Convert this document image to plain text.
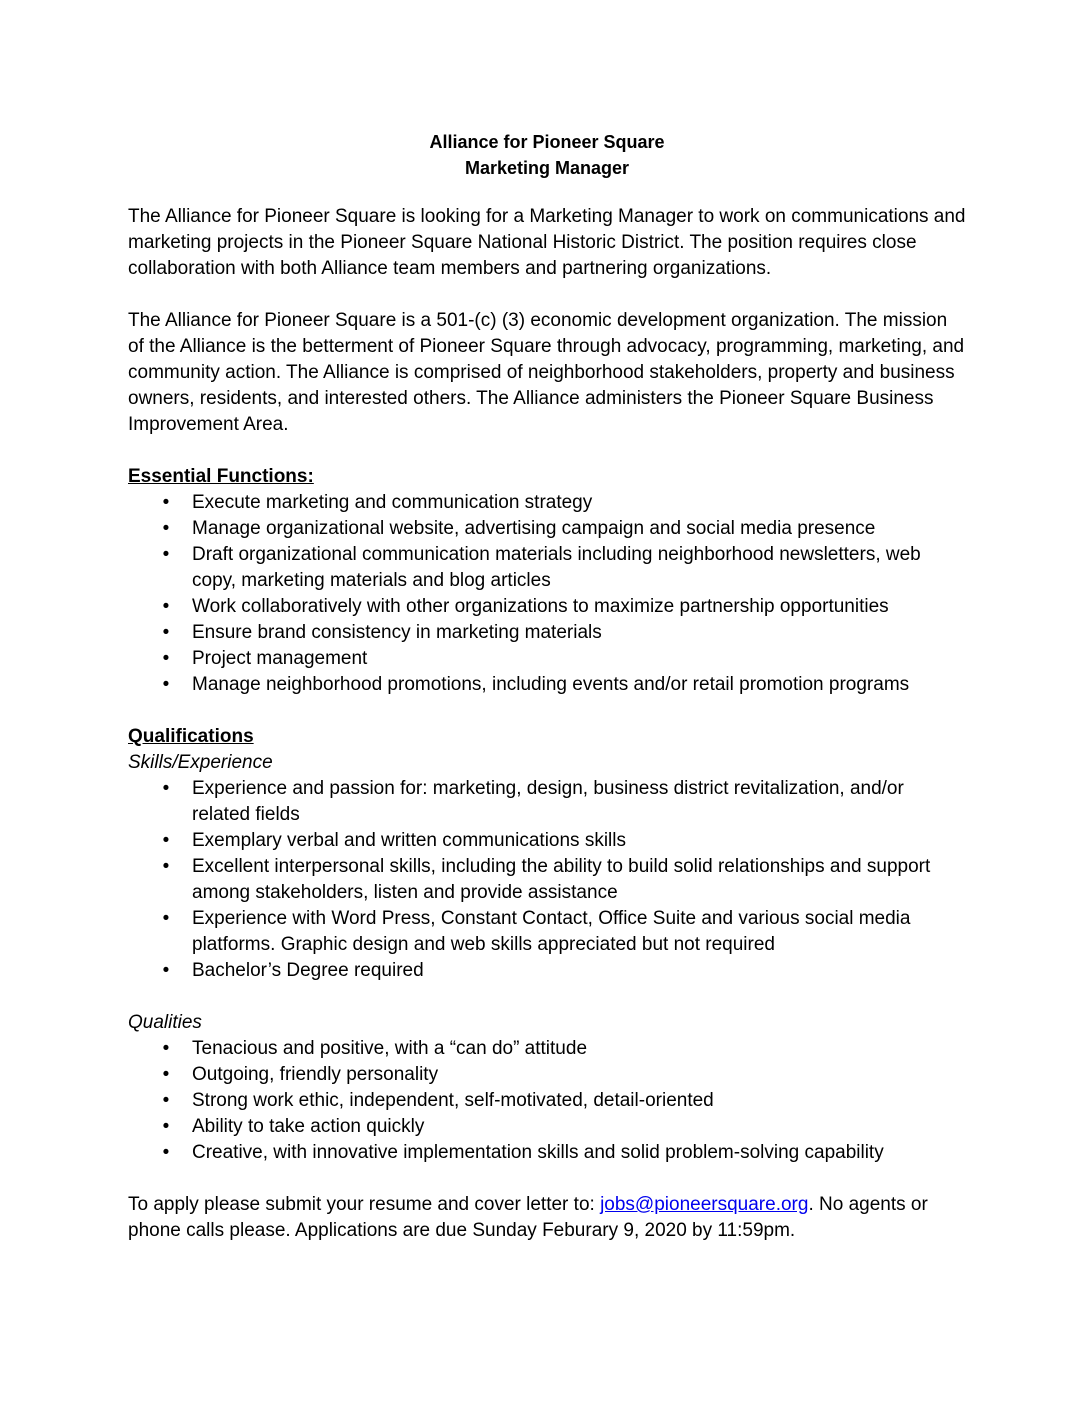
Alliance for Pioneer Square
Marketing Manager

The Alliance for Pioneer Square is looking for a Marketing Manager to work on communications and marketing projects in the Pioneer Square National Historic District. The position requires close collaboration with both Alliance team members and partnering organizations.

The Alliance for Pioneer Square is a 501-(c) (3) economic development organization. The mission of the Alliance is the betterment of Pioneer Square through advocacy, programming, marketing, and community action. The Alliance is comprised of neighborhood stakeholders, property and business owners, residents, and interested others. The Alliance administers the Pioneer Square Business Improvement Area.

Essential Functions:
• Execute marketing and communication strategy
• Manage organizational website, advertising campaign and social media presence
• Draft organizational communication materials including neighborhood newsletters, web copy, marketing materials and blog articles
• Work collaboratively with other organizations to maximize partnership opportunities
• Ensure brand consistency in marketing materials
• Project management
• Manage neighborhood promotions, including events and/or retail promotion programs
Qualifications
Skills/Experience
• Experience and passion for: marketing, design, business district revitalization, and/or related fields
• Exemplary verbal and written communications skills
• Excellent interpersonal skills, including the ability to build solid relationships and support among stakeholders, listen and provide assistance
• Experience with Word Press, Constant Contact, Office Suite and various social media platforms. Graphic design and web skills appreciated but not required
• Bachelor’s Degree required
Qualities
• Tenacious and positive, with a “can do” attitude
• Outgoing, friendly personality
• Strong work ethic, independent, self-motivated, detail-oriented
• Ability to take action quickly
• Creative, with innovative implementation skills and solid problem-solving capability

To apply please submit your resume and cover letter to: jobs@pioneersquare.org. No agents or phone calls please. Applications are due Sunday Feburary 9, 2020 by 11:59pm.
